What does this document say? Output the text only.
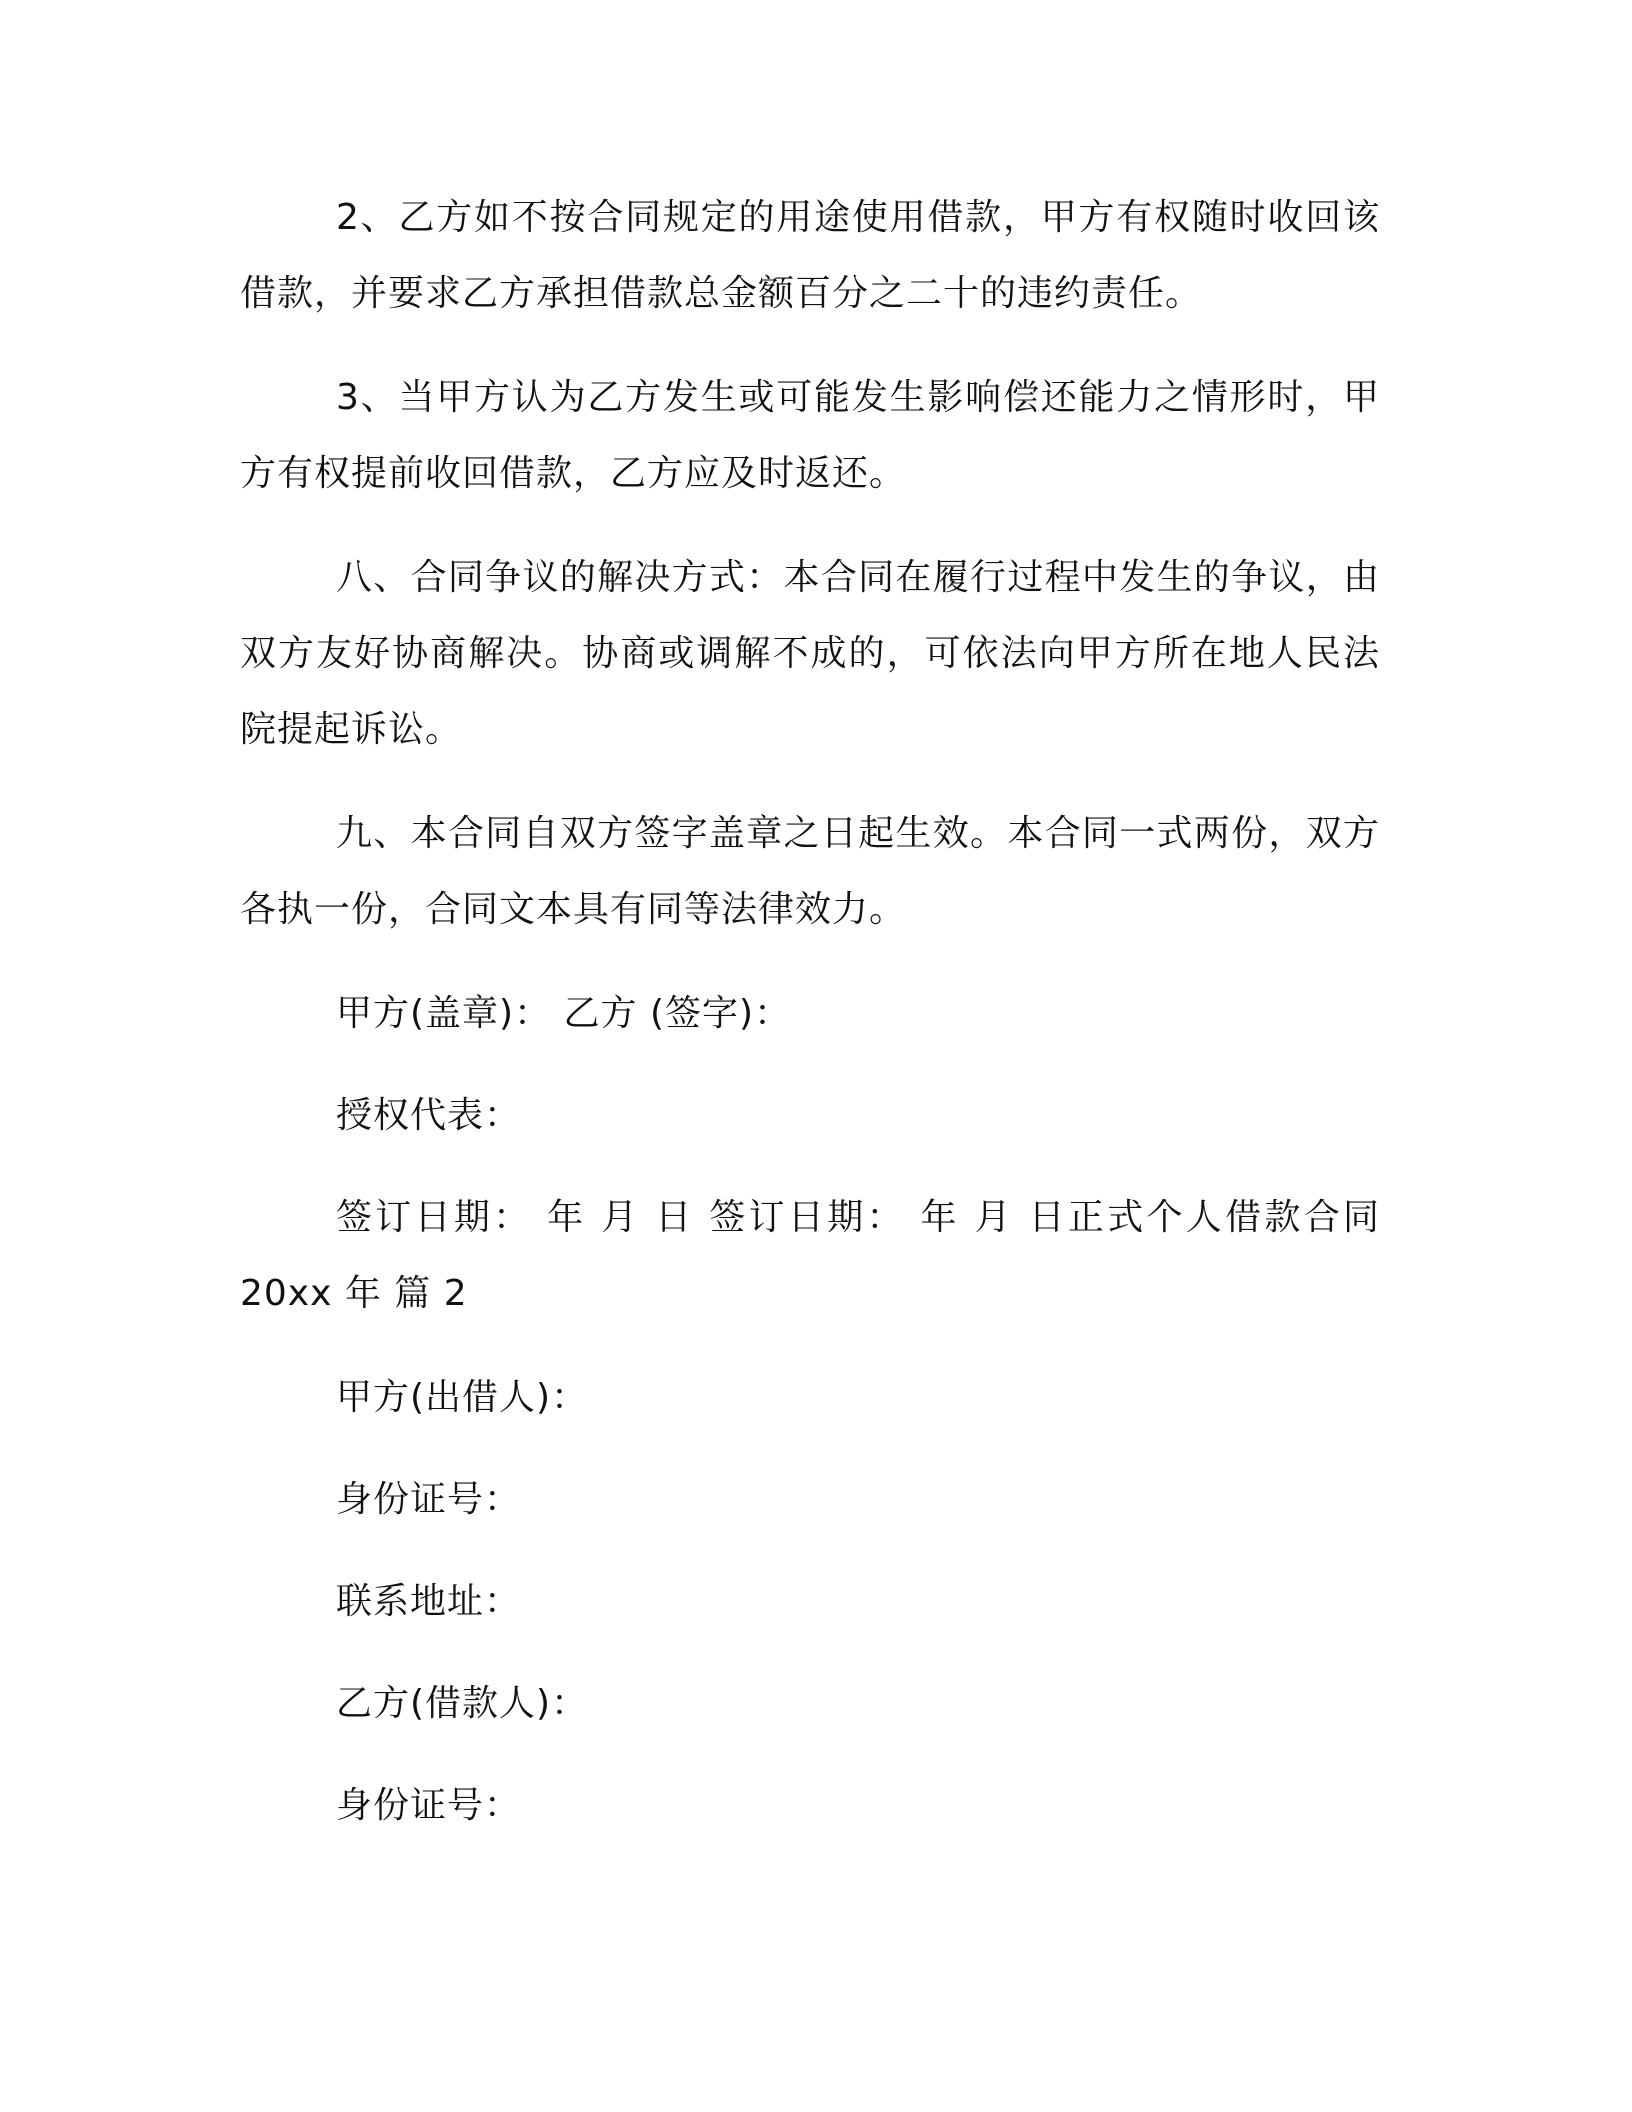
2、乙方如不按合同规定的用途使用借款，甲方有权随时收回该借款，并要求乙方承担借款总金额百分之二十的违约责任。

3、当甲方认为乙方发生或可能发生影响偿还能力之情形时，甲方有权提前收回借款，乙方应及时返还。

八、合同争议的解决方式：本合同在履行过程中发生的争议，由双方友好协商解决。协商或调解不成的，可依法向甲方所在地人民法院提起诉讼。

九、本合同自双方签字盖章之日起生效。本合同一式两份，双方各执一份，合同文本具有同等法律效力。

甲方(盖章)： 乙方 (签字)：

授权代表：

签订日期： 年 月 日 签订日期： 年 月 日正式个人借款合同 20xx 年 篇 2

甲方(出借人)：

身份证号：

联系地址：

乙方(借款人)：

身份证号：
